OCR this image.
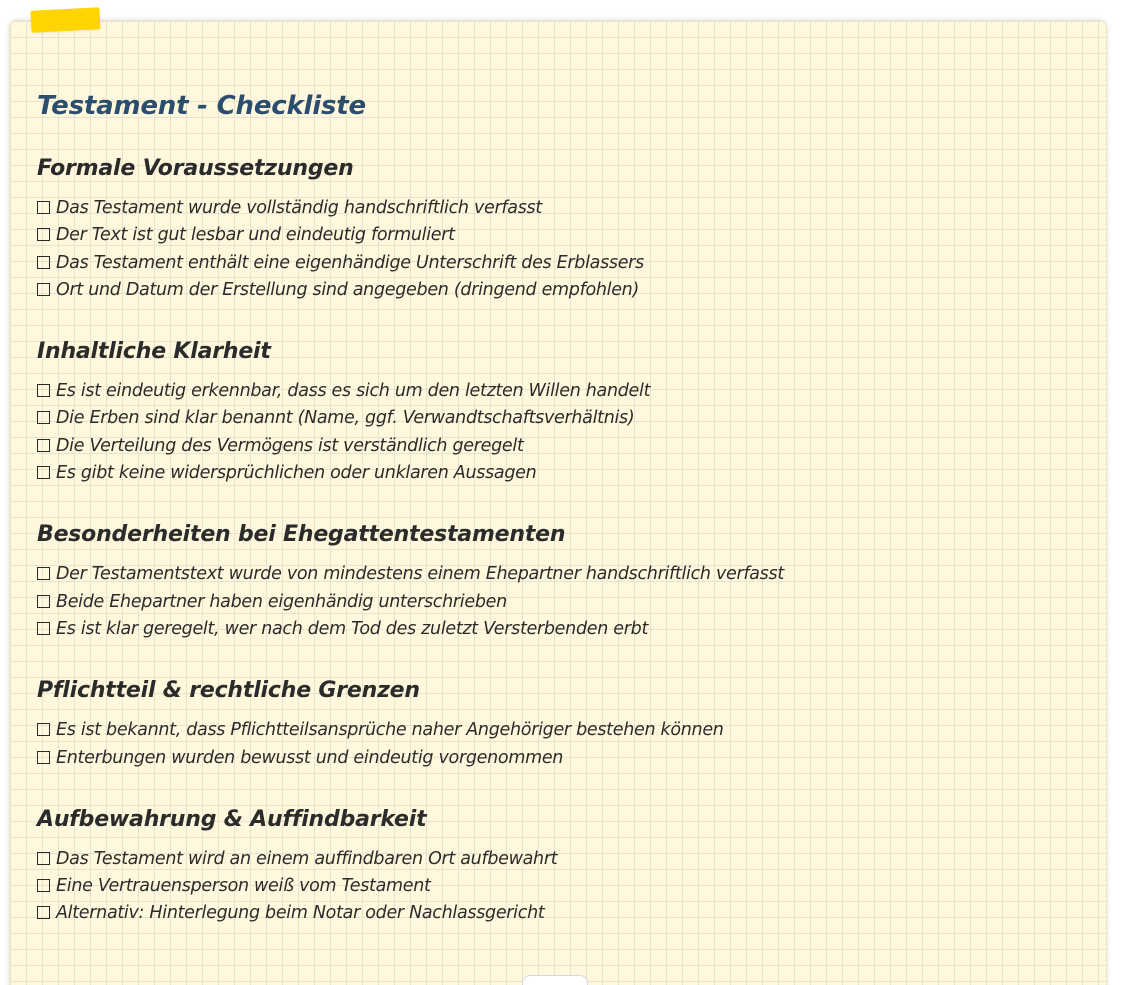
Testament - Checkliste
Formale Voraussetzungen
Das Testament wurde vollständig handschriftlich verfasst
Der Text ist gut lesbar und eindeutig formuliert
Das Testament enthält eine eigenhändige Unterschrift des Erblassers
Ort und Datum der Erstellung sind angegeben (dringend empfohlen)
Inhaltliche Klarheit
Es ist eindeutig erkennbar, dass es sich um den letzten Willen handelt
Die Erben sind klar benannt (Name, ggf. Verwandtschaftsverhältnis)
Die Verteilung des Vermögens ist verständlich geregelt
Es gibt keine widersprüchlichen oder unklaren Aussagen
Besonderheiten bei Ehegattentestamenten
Der Testamentstext wurde von mindestens einem Ehepartner handschriftlich verfasst
Beide Ehepartner haben eigenhändig unterschrieben
Es ist klar geregelt, wer nach dem Tod des zuletzt Versterbenden erbt
Pflichtteil & rechtliche Grenzen
Es ist bekannt, dass Pflichtteilsansprüche naher Angehöriger bestehen können
Enterbungen wurden bewusst und eindeutig vorgenommen
Aufbewahrung & Auffindbarkeit
Das Testament wird an einem auffindbaren Ort aufbewahrt
Eine Vertrauensperson weiß vom Testament
Alternativ: Hinterlegung beim Notar oder Nachlassgericht
